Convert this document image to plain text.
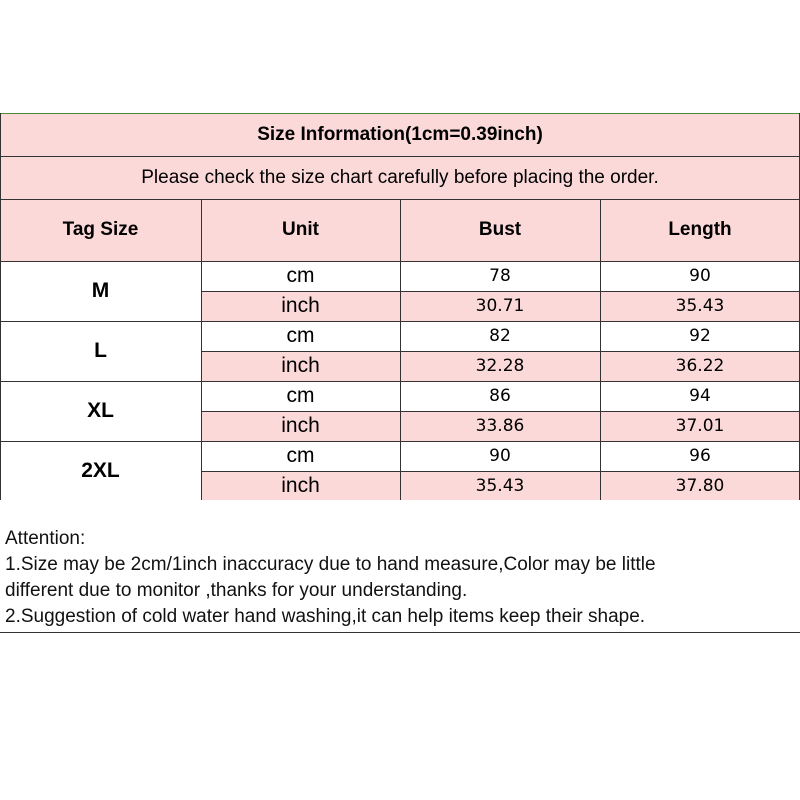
Size Information(1cm=0.39inch)
Please check the size chart carefully before placing the order.
Tag Size	Unit	Bust	Length
M
cm	78	90
inch	30.71	35.43
L
cm	82	92
inch	32.28	36.22
XL
cm	86	94
inch	33.86	37.01
2XL
cm	90	96
inch	35.43	37.80
Attention:
1.Size may be 2cm/1inch inaccuracy due to hand measure,Color may be little
different due to monitor ,thanks for your understanding.
2.Suggestion of cold water hand washing,it can help items keep their shape.
